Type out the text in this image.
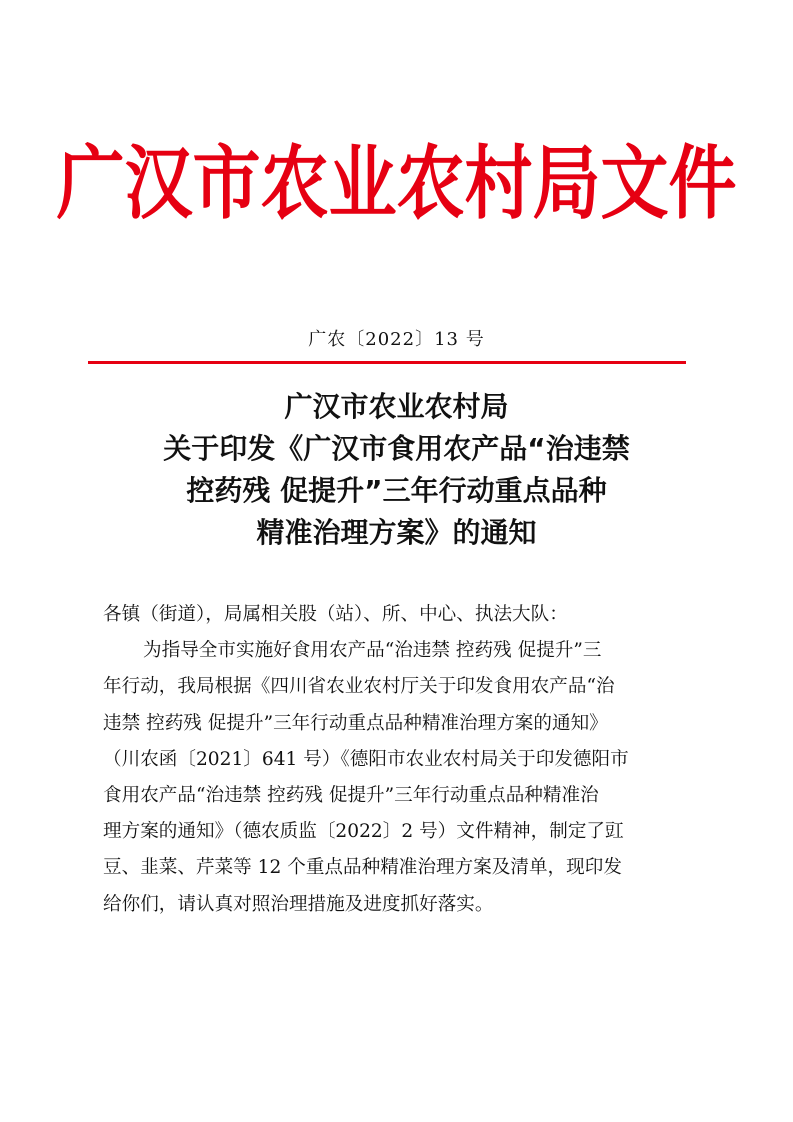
广汉市农业农村局文件
广农〔2022〕13 号
广汉市农业农村局
关于印发《广汉市食用农产品“治违禁
控药残 促提升”三年行动重点品种
精准治理方案》的通知
各镇（街道），局属相关股（站）、所、中心、执法大队：
为指导全市实施好食用农产品“治违禁 控药残 促提升”三
年行动，我局根据《四川省农业农村厅关于印发食用农产品“治
违禁 控药残 促提升”三年行动重点品种精准治理方案的通知》
（川农函〔2021〕641 号）《德阳市农业农村局关于印发德阳市
食用农产品“治违禁 控药残 促提升”三年行动重点品种精准治
理方案的通知》（德农质监〔2022〕2 号）文件精神，制定了豇
豆、韭菜、芹菜等 12 个重点品种精准治理方案及清单，现印发
给你们，请认真对照治理措施及进度抓好落实。
